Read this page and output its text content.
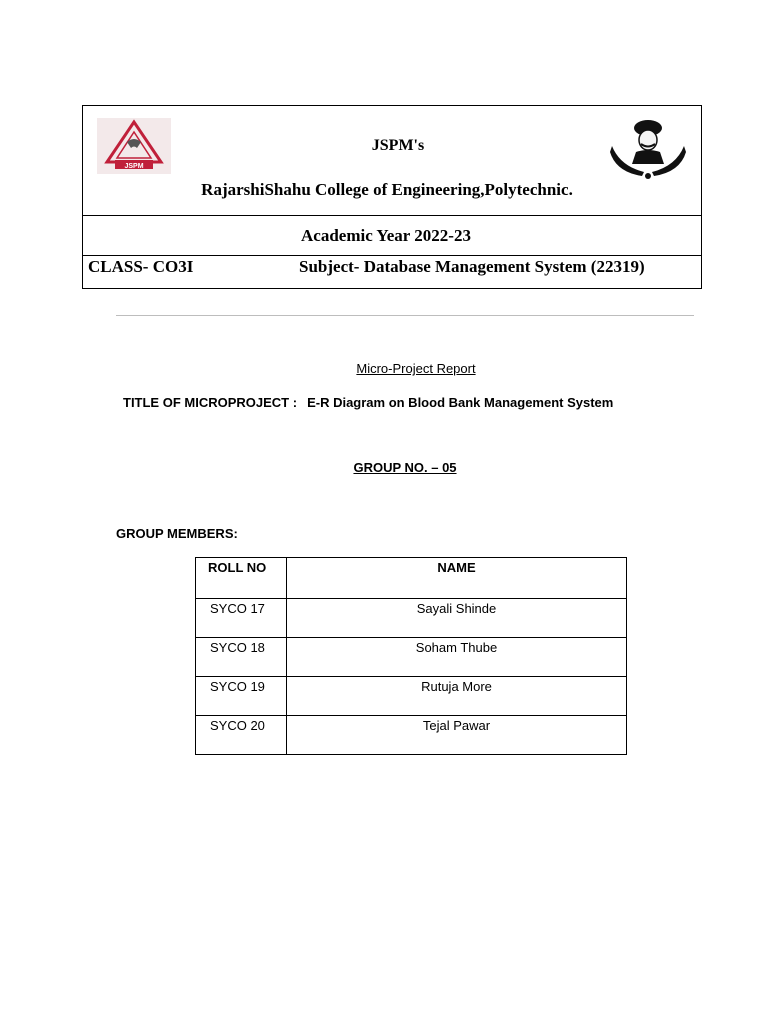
JSPM
JSPM's
RajarshiShahu College of Engineering,Polytechnic.
Academic Year 2022-23
CLASS- CO3I	Subject- Database Management System (22319)
Micro-Project Report
TITLE OF MICROPROJECT : E-R Diagram on Blood Bank Management System
GROUP NO. – 05
GROUP MEMBERS:
ROLL NO	NAME
SYCO 17	Sayali Shinde
SYCO 18	Soham Thube
SYCO 19	Rutuja More
SYCO 20	Tejal Pawar
